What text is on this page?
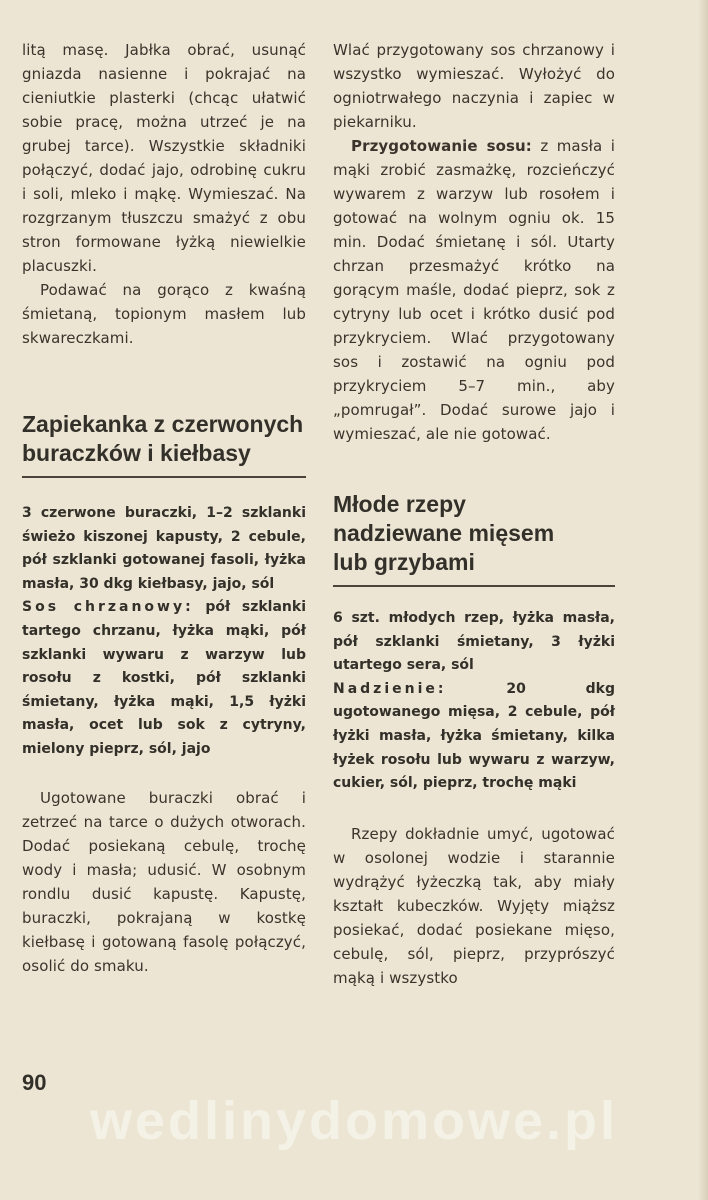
litą masę. Jabłka obrać, usunąć gniazda nasienne i pokrajać na cieniutkie plasterki (chcąc ułatwić sobie pracę, można utrzeć je na grubej tarce). Wszystkie składniki połączyć, dodać jajo, odrobinę cukru i soli, mleko i mąkę. Wymieszać. Na rozgrzanym tłuszczu smażyć z obu stron formowane łyżką niewielkie placuszki.

Podawać na gorąco z kwaśną śmietaną, topionym masłem lub skwareczkami.

Zapiekanka z czerwonych buraczków i kiełbasy

3 czerwone buraczki, 1–2 szklanki świeżo kiszonej kapusty, 2 cebule, pół szklanki gotowanej fasoli, łyżka masła, 30 dkg kiełbasy, jajo, sól
Sos chrzanowy: pół szklanki tartego chrzanu, łyżka mąki, pół szklanki wywaru z warzyw lub rosołu z kostki, pół szklanki śmietany, łyżka mąki, 1,5 łyżki masła, ocet lub sok z cytryny, mielony pieprz, sól, jajo

Ugotowane buraczki obrać i zetrzeć na tarce o dużych otworach. Dodać posiekaną cebulę, trochę wody i masła; udusić. W osobnym rondlu dusić kapustę. Kapustę, buraczki, pokrajaną w kostkę kiełbasę i gotowaną fasolę połączyć, osolić do smaku.

Wlać przygotowany sos chrzanowy i wszystko wymieszać. Wyłożyć do ogniotrwałego naczynia i zapiec w piekarniku.

Przygotowanie sosu: z masła i mąki zrobić zasmażkę, rozcieńczyć wywarem z warzyw lub rosołem i gotować na wolnym ogniu ok. 15 min. Dodać śmietanę i sól. Utarty chrzan przesmażyć krótko na gorącym maśle, dodać pieprz, sok z cytryny lub ocet i krótko dusić pod przykryciem. Wlać przygotowany sos i zostawić na ogniu pod przykryciem 5–7 min., aby „pomrugał”. Dodać surowe jajo i wymieszać, ale nie gotować.

Młode rzepy nadziewane mięsem lub grzybami

6 szt. młodych rzep, łyżka masła, pół szklanki śmietany, 3 łyżki utartego sera, sól
Nadzienie:	20 dkg ugotowanego mięsa, 2 cebule, pół łyżki masła, łyżka śmietany, kilka łyżek rosołu lub wywaru z warzyw, cukier, sól, pieprz, trochę mąki

Rzepy dokładnie umyć, ugotować w osolonej wodzie i starannie wydrążyć łyżeczką tak, aby miały kształt kubeczków. Wyjęty miąższ posiekać, dodać posiekane mięso, cebulę, sól, pieprz, przyprószyć mąką i wszystko

90
wedlinydomowe.pl
